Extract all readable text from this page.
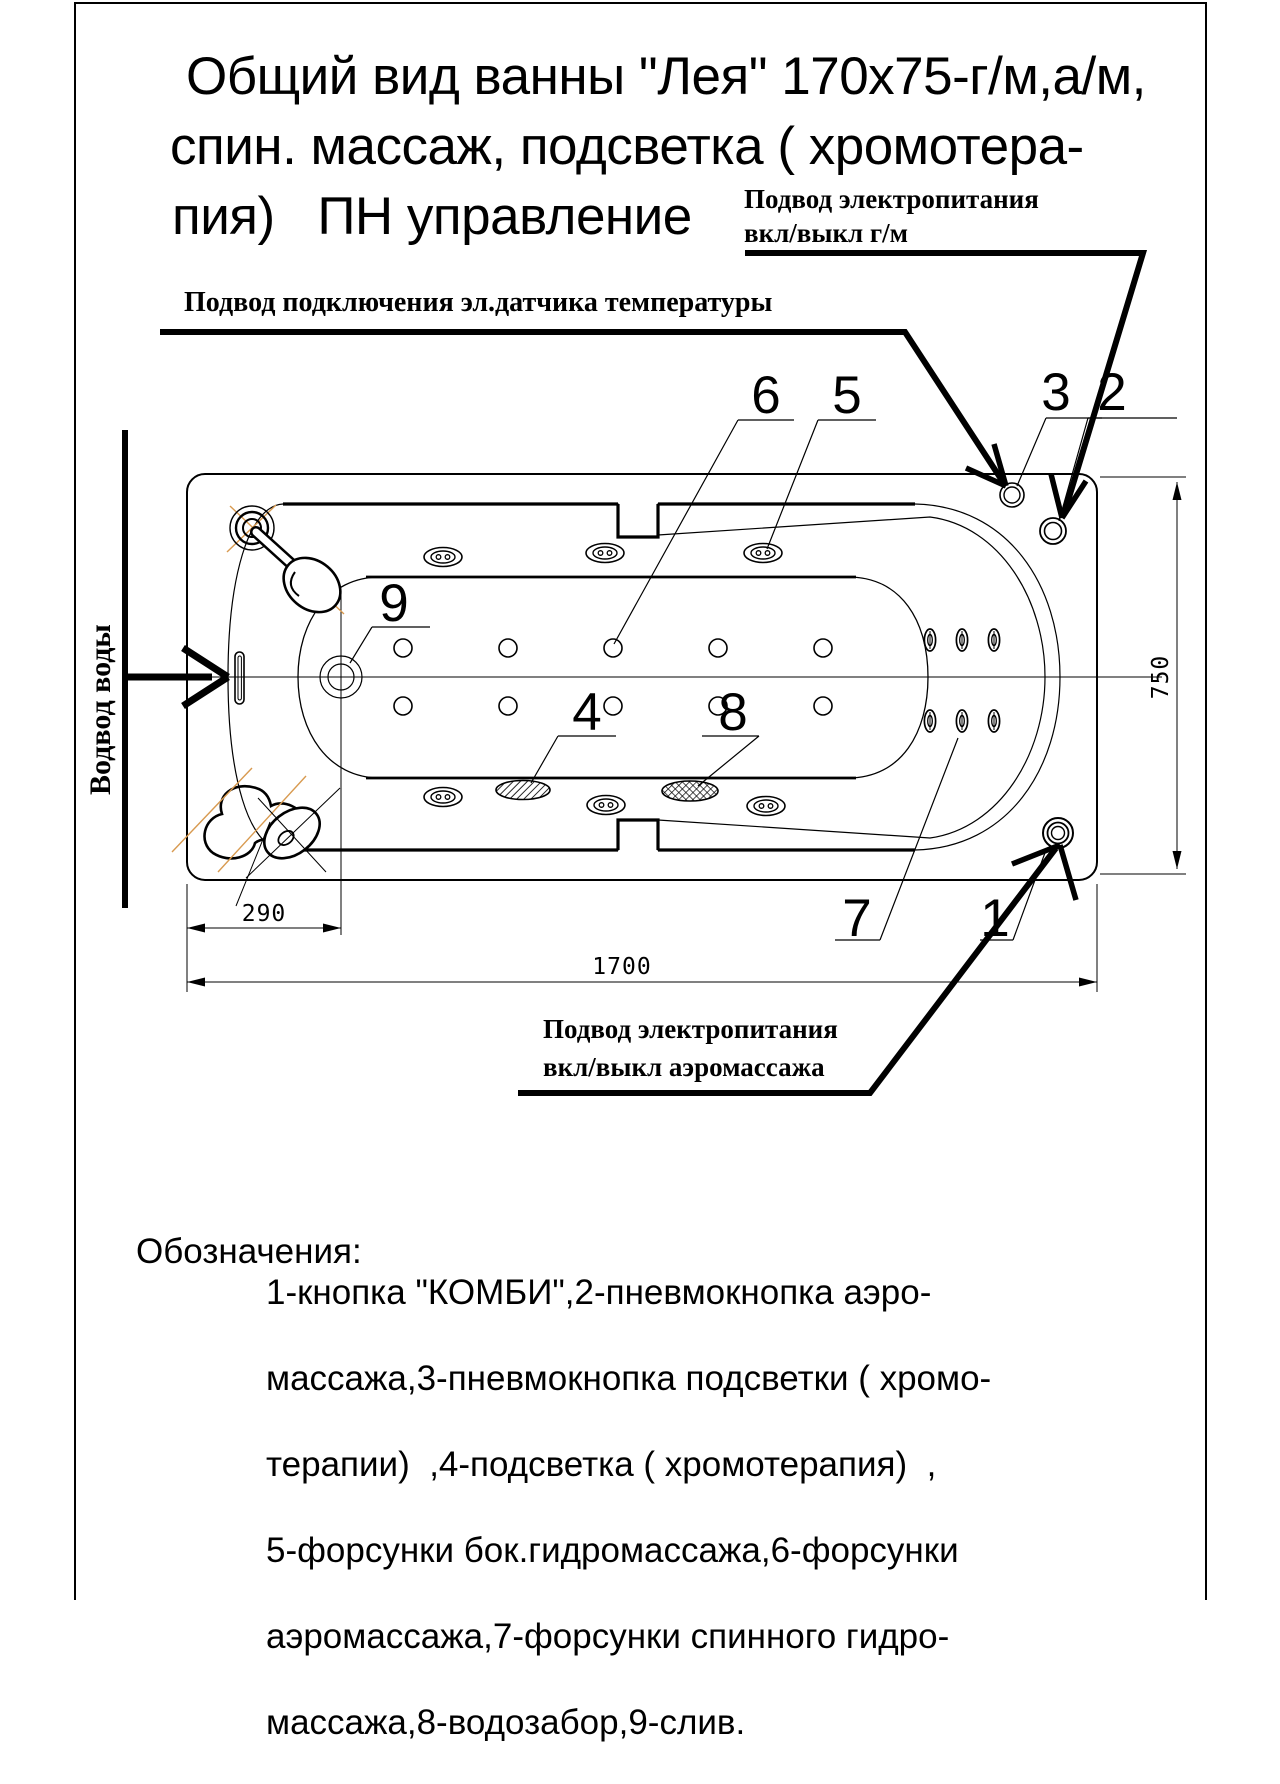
290
1700
750
6 5	3 2
9
4 8
7 1
Общий вид ванны "Лея" 170х75-г/м,а/м,
спин. массаж, подсветка ( хромотера-
пия)   ПН управление Подвод электропитания
вкл/выкл г/м
Подвод подключения эл.датчика температуры
Подвод электропитания
вкл/выкл аэромассажа
Водвод воды
Обозначения:

1-кнопка "КОМБИ",2-пневмокнопка аэро-

массажа,3-пневмокнопка подсветки ( хромо-

терапии)  ,4-подсветка ( хромотерапия)  ,

5-форсунки бок.гидромассажа,6-форсунки

аэромассажа,7-форсунки спинного гидро-

массажа,8-водозабор,9-слив.
